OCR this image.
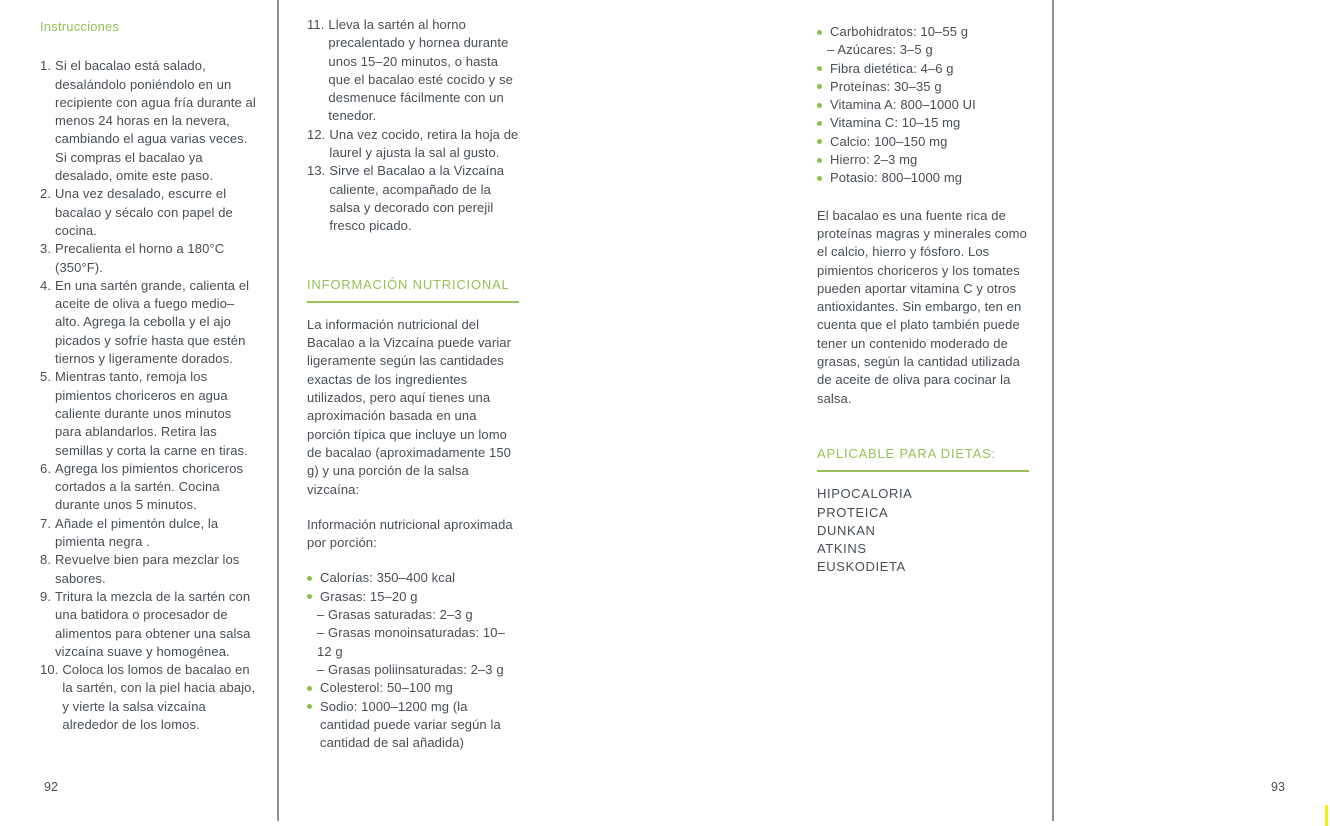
Instrucciones
1. Si el bacalao está salado, desalándolo poniéndolo en un recipiente con agua fría durante al menos 24 horas en la nevera, cambiando el agua varias veces. Si compras el bacalao ya desalado, omite este paso.
2. Una vez desalado, escurre el bacalao y sécalo con papel de cocina.
3. Precalienta el horno a 180°C (350°F).
4. En una sartén grande, calienta el aceite de oliva a fuego medio–alto. Agrega la cebolla y el ajo picados y sofríe hasta que estén tiernos y ligeramente dorados.
5. Mientras tanto, remoja los pimientos choriceros en agua caliente durante unos minutos para ablandarlos. Retira las semillas y corta la carne en tiras.
6. Agrega los pimientos choriceros cortados a la sartén. Cocina durante unos 5 minutos.
7. Añade el pimentón dulce, la pimienta negra .
8. Revuelve bien para mezclar los sabores.
9. Tritura la mezcla de la sartén con una batidora o procesador de alimentos para obtener una salsa vizcaína suave y homogénea.
10. Coloca los lomos de bacalao en la sartén, con la piel hacia abajo, y vierte la salsa vizcaína alrededor de los lomos.
11. Lleva la sartén al horno precalentado y hornea durante unos 15–20 minutos, o hasta que el bacalao esté cocido y se desmenuce fácilmente con un tenedor.
12. Una vez cocido, retira la hoja de laurel y ajusta la sal al gusto.
13. Sirve el Bacalao a la Vizcaína caliente, acompañado de la salsa y decorado con perejil fresco picado.
INFORMACIÓN NUTRICIONAL

La información nutricional del Bacalao a la Vizcaína puede variar ligeramente según las cantidades exactas de los ingredientes utilizados, pero aquí tienes una aproximación basada en una porción típica que incluye un lomo de bacalao (aproximadamente 150 g) y una porción de la salsa vizcaína:

Información nutricional aproximada por porción:

Calorías: 350–400 kcal
Grasas: 15–20 g
– Grasas saturadas: 2–3 g
– Grasas monoinsaturadas: 10–12 g
– Grasas poliinsaturadas: 2–3 g
Colesterol: 50–100 mg
Sodio: 1000–1200 mg (la cantidad puede variar según la cantidad de sal añadida)
Carbohidratos: 10–55 g
– Azúcares: 3–5 g
Fibra dietética: 4–6 g
Proteínas: 30–35 g
Vitamina A: 800–1000 UI
Vitamina C: 10–15 mg
Calcio: 100–150 mg
Hierro: 2–3 mg
Potasio: 800–1000 mg

El bacalao es una fuente rica de proteínas magras y minerales como el calcio, hierro y fósforo. Los pimientos choriceros y los tomates pueden aportar vitamina C y otros antioxidantes. Sin embargo, ten en cuenta que el plato también puede tener un contenido moderado de grasas, según la cantidad utilizada de aceite de oliva para cocinar la salsa.

APLICABLE PARA DIETAS:
HIPOCALORIA
PROTEICA
DUNKAN
ATKINS
EUSKODIETA
92	93
